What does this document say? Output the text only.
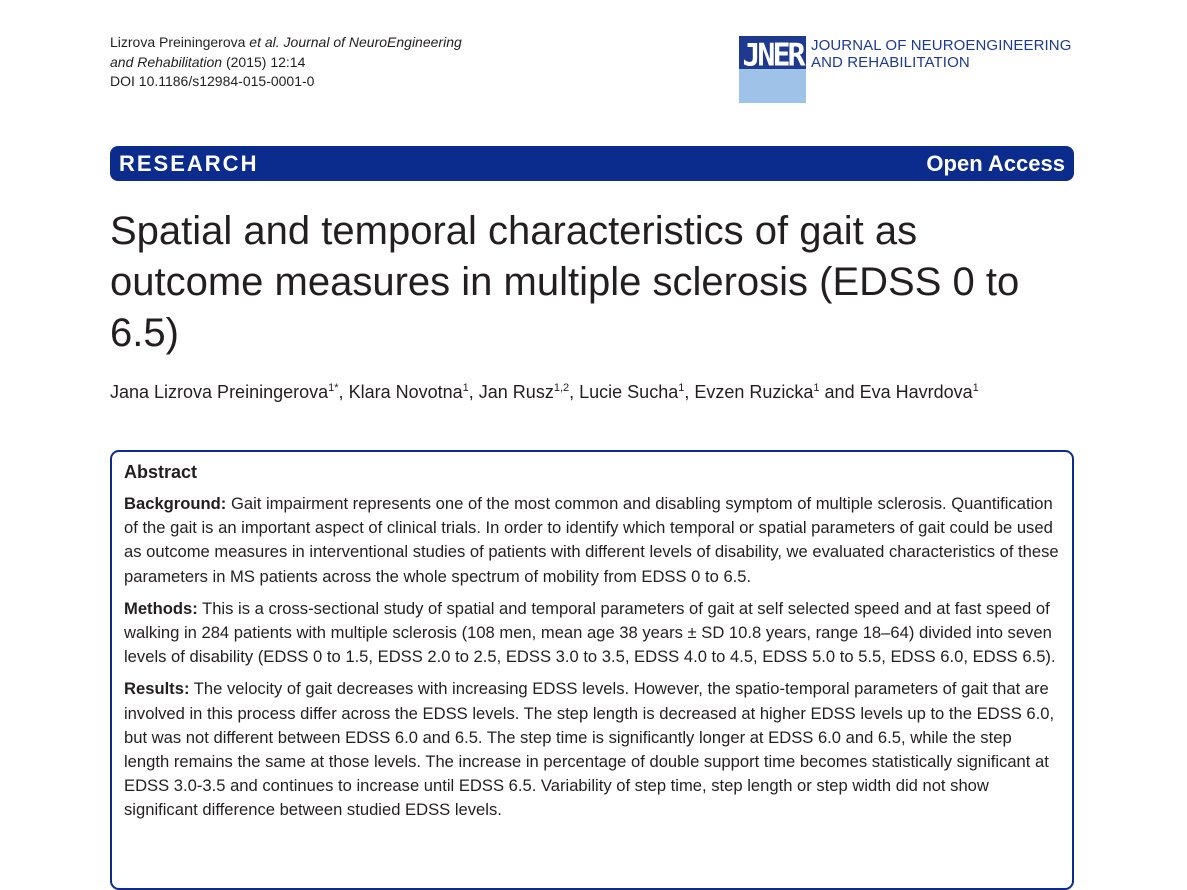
Lizrova Preiningerova et al. Journal of NeuroEngineering
and Rehabilitation (2015) 12:14
DOI 10.1186/s12984-015-0001-0
JNER JOURNAL OF NEUROENGINEERING
AND REHABILITATION
RESEARCH	Open Access
Spatial and temporal characteristics of gait as outcome measures in multiple sclerosis (EDSS 0 to 6.5)
Jana Lizrova Preiningerova$^{1*}$, Klara Novotna$^1$, Jan Rusz$^{1,2}$, Lucie Sucha$^1$, Evzen Ruzicka$^1$ and Eva Havrdova$^1$
Abstract

Background: Gait impairment represents one of the most common and disabling symptom of multiple sclerosis. Quantification of the gait is an important aspect of clinical trials. In order to identify which temporal or spatial parameters of gait could be used as outcome measures in interventional studies of patients with different levels of disability, we evaluated characteristics of these parameters in MS patients across the whole spectrum of mobility from EDSS 0 to 6.5.

Methods: This is a cross-sectional study of spatial and temporal parameters of gait at self selected speed and at fast speed of walking in 284 patients with multiple sclerosis (108 men, mean age 38 years ± SD 10.8 years, range 18–64) divided into seven levels of disability (EDSS 0 to 1.5, EDSS 2.0 to 2.5, EDSS 3.0 to 3.5, EDSS 4.0 to 4.5, EDSS 5.0 to 5.5, EDSS 6.0, EDSS 6.5).

Results: The velocity of gait decreases with increasing EDSS levels. However, the spatio-temporal parameters of gait that are involved in this process differ across the EDSS levels. The step length is decreased at higher EDSS levels up to the EDSS 6.0, but was not different between EDSS 6.0 and 6.5. The step time is significantly longer at EDSS 6.0 and 6.5, while the step length remains the same at those levels. The increase in percentage of double support time becomes statistically significant at EDSS 3.0-3.5 and continues to increase until EDSS 6.5. Variability of step time, step length or step width did not show significant difference between studied EDSS levels.
